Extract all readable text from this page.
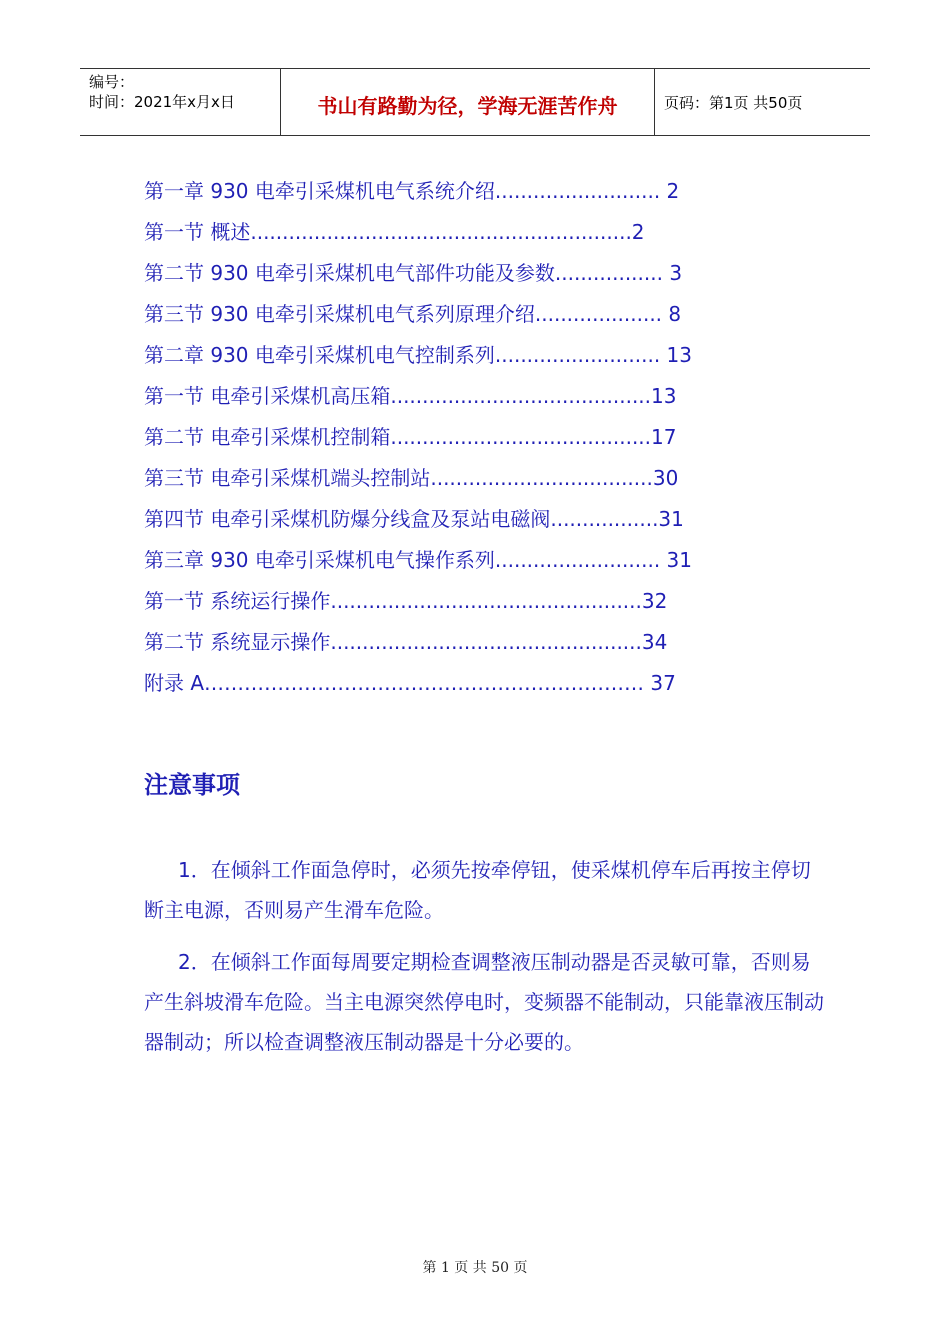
编号：
时间：2021年x月x日	书山有路勤为径，学海无涯苦作舟	页码：第1页 共50页
第一章 930 电牵引采煤机电气系统介绍.......................... 2
第一节 概述............................................................2
第二节 930 电牵引采煤机电气部件功能及参数................. 3
第三节 930 电牵引采煤机电气系列原理介绍.................... 8
第二章 930 电牵引采煤机电气控制系列.......................... 13
第一节 电牵引采煤机高压箱.........................................13
第二节 电牵引采煤机控制箱.........................................17
第三节 电牵引采煤机端头控制站...................................30
第四节 电牵引采煤机防爆分线盒及泵站电磁阀.................31
第三章 930 电牵引采煤机电气操作系列.......................... 31
第一节 系统运行操作.................................................32
第二节 系统显示操作.................................................34
附录 A………………………………………………………… 37
注意事项

1．在倾斜工作面急停时，必须先按牵停钮，使采煤机停车后再按主停切断主电源，否则易产生滑车危险。

2．在倾斜工作面每周要定期检查调整液压制动器是否灵敏可靠，否则易产生斜坡滑车危险。当主电源突然停电时，变频器不能制动，只能靠液压制动器制动；所以检查调整液压制动器是十分必要的。

第 1 页 共 50 页
